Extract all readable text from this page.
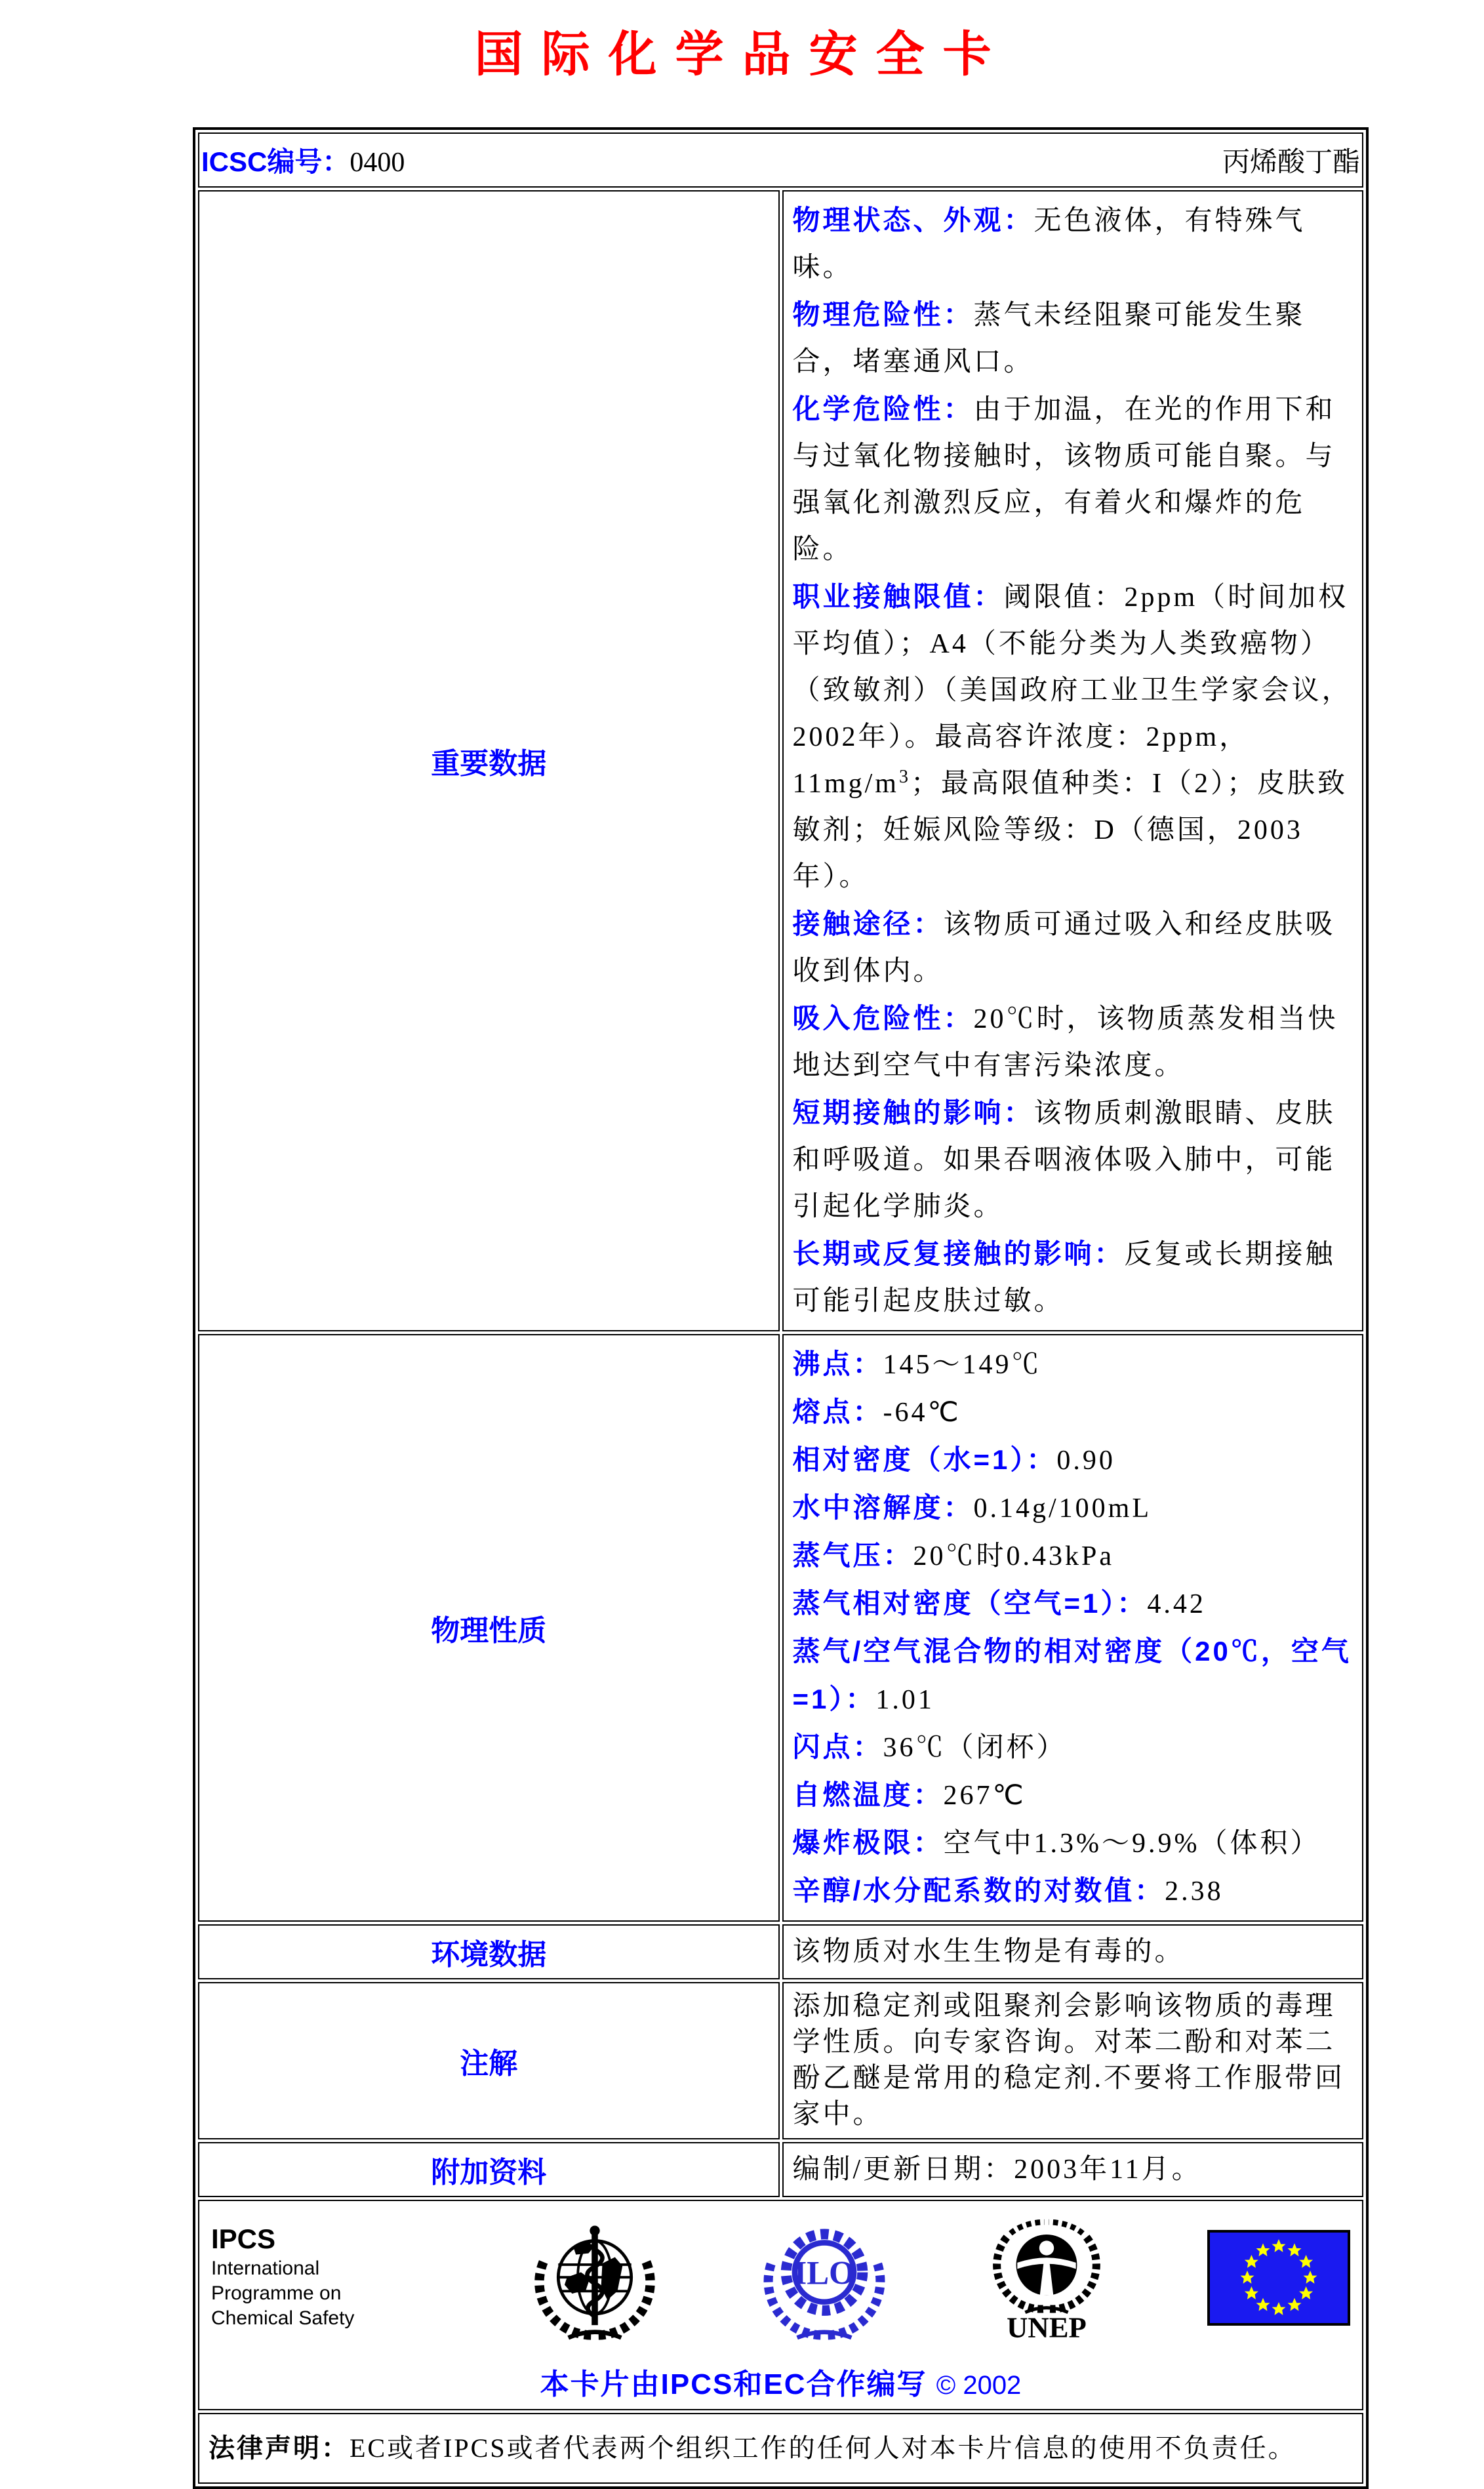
国际化学品安全卡
ICSC编号：0400 丙烯酸丁酯	

重要数据	
物理状态、外观：无色液体，有特殊气味。
物理危险性：蒸气未经阻聚可能发生聚合，堵塞通风口。
化学危险性：由于加温，在光的作用下和与过氧化物接触时，该物质可能自聚。与强氧化剂激烈反应，有着火和爆炸的危险。
职业接触限值：阈限值：2ppm（时间加权平均值）；A4（不能分类为人类致癌物）（致敏剂）（美国政府工业卫生学家会议，2002年）。最高容许浓度：2ppm，$11mg/m^3$；最高限值种类：I（2）；皮肤致敏剂；妊娠风险等级：D（德国，2003年）。
接触途径：该物质可通过吸入和经皮肤吸收到体内。
吸入危险性：20℃时，该物质蒸发相当快地达到空气中有害污染浓度。
短期接触的影响：该物质刺激眼睛、皮肤和呼吸道。如果吞咽液体吸入肺中，可能引起化学肺炎。
长期或反复接触的影响：反复或长期接触可能引起皮肤过敏。

物理性质	
沸点：145～149℃
熔点：-64℃
相对密度（水=1）：0.90
水中溶解度：0.14g/100mL
蒸气压：20℃时0.43kPa
蒸气相对密度（空气=1）：4.42
蒸气/空气混合物的相对密度（20℃，空气=1）：1.01
闪点：36℃（闭杯）
自燃温度：267℃
爆炸极限：空气中1.3%～9.9%（体积）
辛醇/水分配系数的对数值：2.38

环境数据	该物质对水生生物是有毒的。

注解	添加稳定剂或阻聚剂会影响该物质的毒理学性质。向专家咨询。对苯二酚和对苯二酚乙醚是常用的稳定剂.不要将工作服带回家中。

附加资料	编制/更新日期：2003年11月。

IPCS
International
Programme on
Chemical Safety
ILO
UNEP
本卡片由IPCS和EC合作编写 © 2002

法律声明：EC或者IPCS或者代表两个组织工作的任何人对本卡片信息的使用不负责任。	
